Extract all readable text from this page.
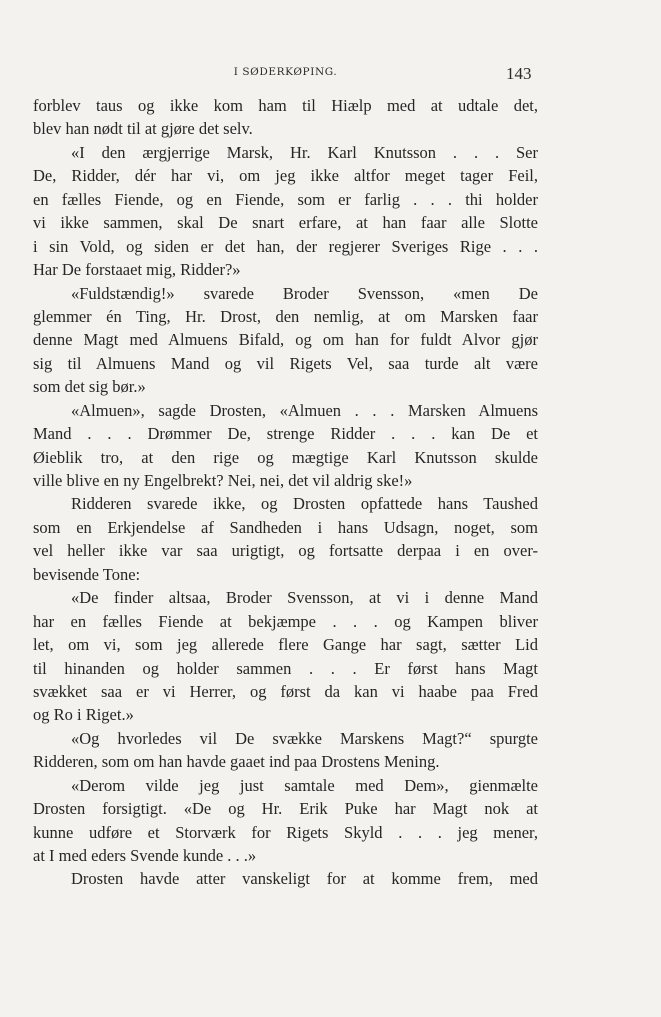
I SØDERKØPING.	143
forblev taus og ikke kom ham til Hiælp med at udtale det,
blev han nødt til at gjøre det selv.
«I den ærgjerrige Marsk, Hr. Karl Knutsson . . . Ser
De, Ridder, dér har vi, om jeg ikke altfor meget tager Feil,
en fælles Fiende, og en Fiende, som er farlig . . . thi holder
vi ikke sammen, skal De snart erfare, at han faar alle Slotte
i sin Vold, og siden er det han, der regjerer Sveriges Rige . . .
Har De forstaaet mig, Ridder?»
«Fuldstændig!» svarede Broder Svensson, «men De
glemmer én Ting, Hr. Drost, den nemlig, at om Marsken faar
denne Magt med Almuens Bifald, og om han for fuldt Alvor gjør
sig til Almuens Mand og vil Rigets Vel, saa turde alt være
som det sig bør.»
«Almuen», sagde Drosten, «Almuen . . . Marsken Almuens
Mand . . . Drømmer De, strenge Ridder . . . kan De et
Øieblik tro, at den rige og mægtige Karl Knutsson skulde
ville blive en ny Engelbrekt? Nei, nei, det vil aldrig ske!»
Ridderen svarede ikke, og Drosten opfattede hans Taushed
som en Erkjendelse af Sandheden i hans Udsagn, noget, som
vel heller ikke var saa urigtigt, og fortsatte derpaa i en over-
bevisende Tone:
«De finder altsaa, Broder Svensson, at vi i denne Mand
har en fælles Fiende at bekjæmpe . . . og Kampen bliver
let, om vi, som jeg allerede flere Gange har sagt, sætter Lid
til hinanden og holder sammen . . . Er først hans Magt
svækket saa er vi Herrer, og først da kan vi haabe paa Fred
og Ro i Riget.»
«Og hvorledes vil De svække Marskens Magt?“ spurgte
Ridderen, som om han havde gaaet ind paa Drostens Mening.
«Derom vilde jeg just samtale med Dem», gienmælte
Drosten forsigtigt. «De og Hr. Erik Puke har Magt nok at
kunne udføre et Storværk for Rigets Skyld . . . jeg mener,
at I med eders Svende kunde . . .»
Drosten havde atter vanskeligt for at komme frem, med
